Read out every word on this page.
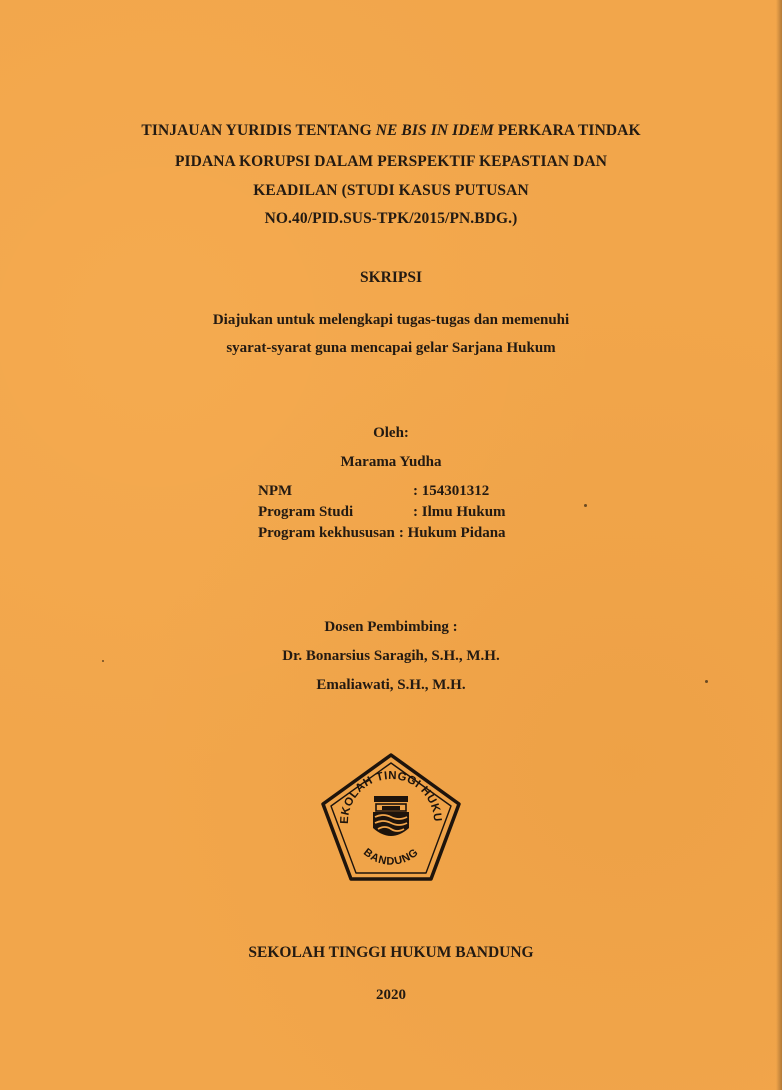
TINJAUAN YURIDIS TENTANG NE BIS IN IDEM PERKARA TINDAK
PIDANA KORUPSI DALAM PERSPEKTIF KEPASTIAN DAN
KEADILAN (STUDI KASUS PUTUSAN
NO.40/PID.SUS-TPK/2015/PN.BDG.)
SKRIPSI
Diajukan untuk melengkapi tugas-tugas dan memenuhi
syarat-syarat guna mencapai gelar Sarjana Hukum
Oleh:
Marama Yudha
NPM	: 154301312
Program Studi	: Ilmu Hukum
Program kekhususan : Hukum Pidana
Dosen Pembimbing :
Dr. Bonarsius Saragih, S.H., M.H.
Emaliawati, S.H., M.H.
EKOLAH TINGGI HUKU
BANDUNG
SEKOLAH TINGGI HUKUM BANDUNG
2020
